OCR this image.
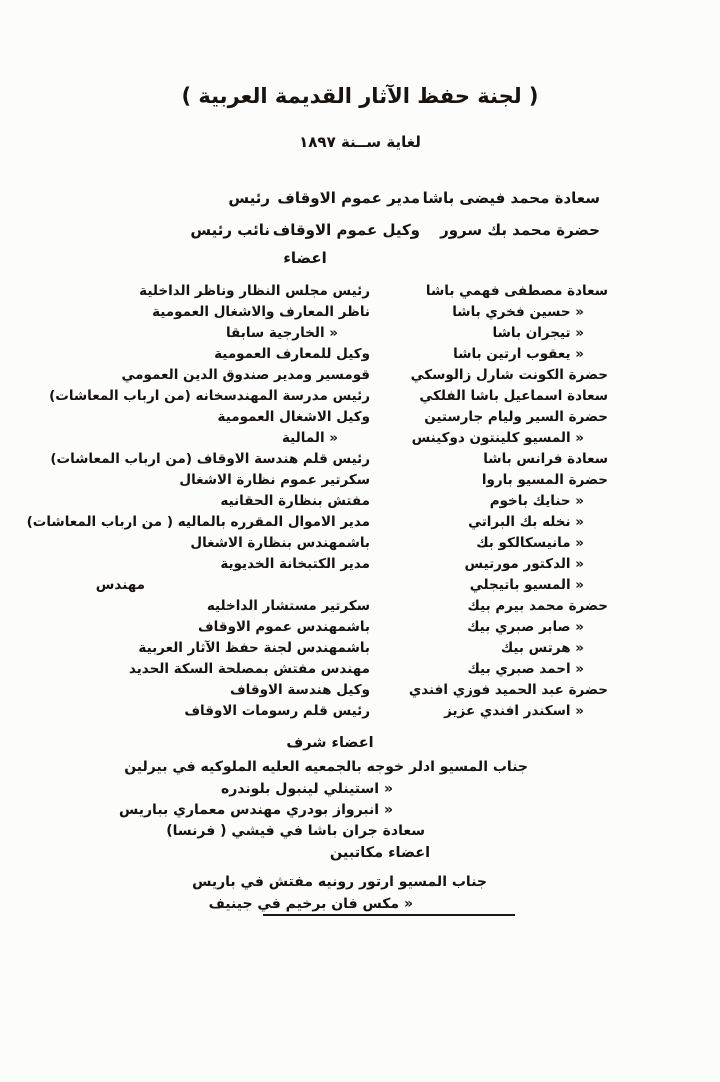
( لجنة حفظ الآثار القديمة العربية )
لغاية ســنة ١٨٩٧
سعادة محمد فيضى باشا
مدير عموم الاوقاف
رئيس
حضرة محمد بك سرور
وكيل عموم الاوقاف
نائب رئيس
اعضاء
سعادة مصطفى فهمي باشا
رئيس مجلس النظار وناظر الداخلية
« حسين فخري باشا
ناظر المعارف والاشغال العمومية
« تيجران باشا
« الخارجية سابقا
« يعقوب ارتين باشا
وكيل للمعارف العمومية
حضرة الكونت شارل زالوسكي
قومسير ومدير صندوق الدين العمومي
سعادة اسماعيل باشا الفلكي
رئيس مدرسة المهندسخانه (من ارباب المعاشات)
حضرة السير وليام جارستين
وكيل الاشغال العمومية
« المسيو كلينتون دوكينس
« المالية
سعادة فرانس باشا
رئيس قلم هندسة الاوقاف (من ارباب المعاشات)
حضرة المسيو باروا
سكرتير عموم نظارة الاشغال
« حنايك باخوم
مفتش بنظارة الحقانيه
« نخله بك البراتي
مدير الاموال المقرره بالماليه ( من ارباب المعاشات)
« مانيسكالكو بك
باشمهندس بنظارة الاشغال
« الدكتور مورتيس
مدير الكتبخانة الخديوية
« المسيو باتيجلي
مهندس
حضرة محمد بيرم بيك
سكرتير مستشار الداخليه
« صابر صبري بيك
باشمهندس عموم الاوقاف
« هرتس بيك
باشمهندس لجنة حفظ الآثار العربية
« احمد صبري بيك
مهندس مفتش بمصلحة السكة الحديد
حضرة عبد الحميد فوزي افندي
وكيل هندسة الاوقاف
« اسكندر افندي عزيز
رئيس قلم رسومات الاوقاف
اعضاء شرف
جناب المسيو ادلر خوجه بالجمعيه العليه الملوكيه في بيرلين
« استينلي لينبول بلوندره
« انبرواز بودري مهندس معماري بباريس
سعادة جران باشا في فيشي ( فرنسا)
اعضاء مكاتبين
جناب المسيو ارتور رونيه مفتش في باريس
« مكس فان برخيم في جينيف
